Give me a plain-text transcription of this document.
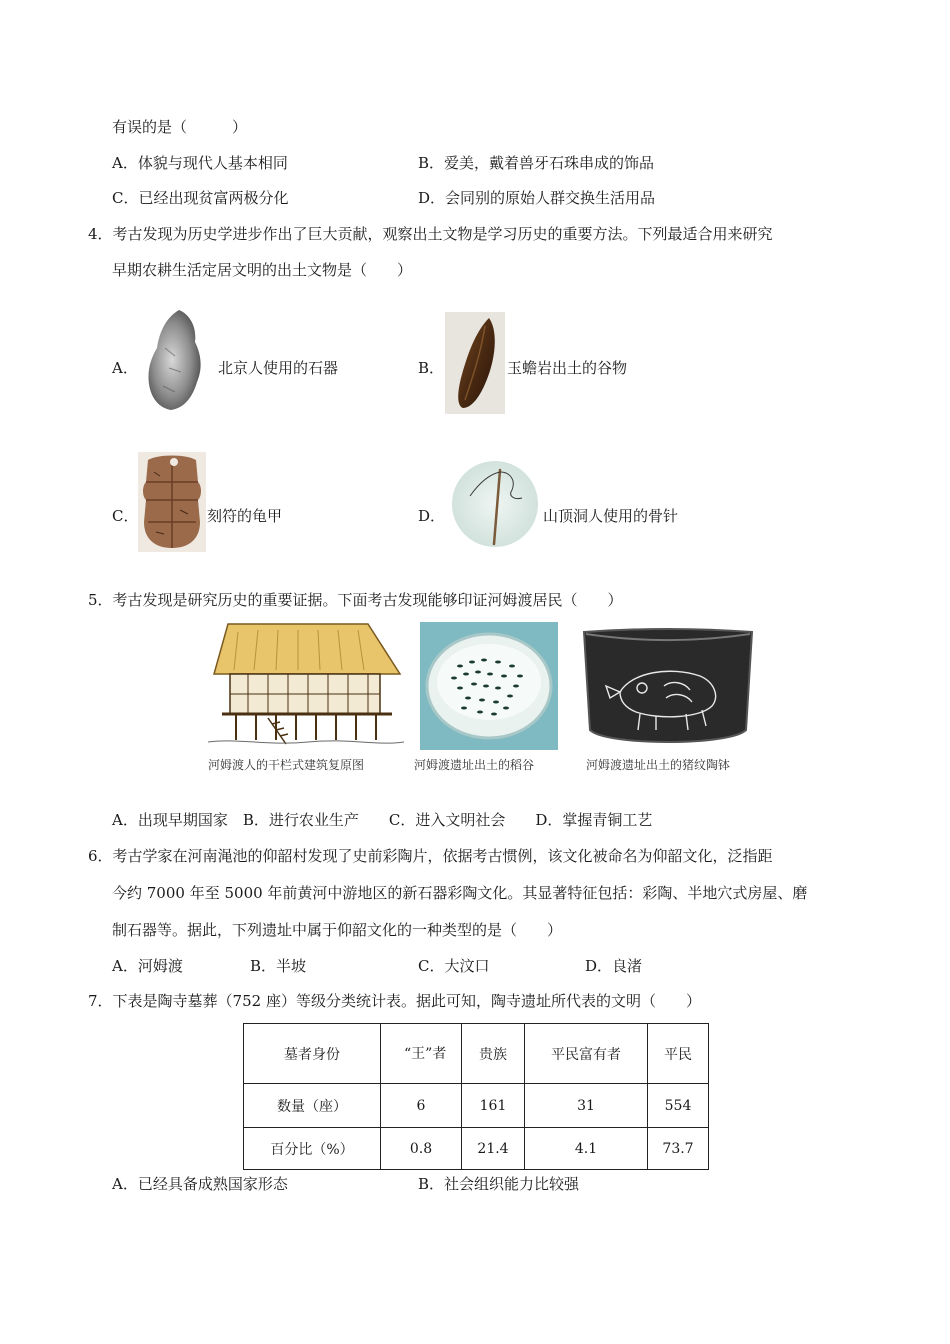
有误的是（　　　）
A．体貌与现代人基本相同	B．爱美，戴着兽牙石珠串成的饰品
C．已经出现贫富两极分化	D．会同别的原始人群交换生活用品
4．考古发现为历史学进步作出了巨大贡献，观察出土文物是学习历史的重要方法。下列最适合用来研究
早期农耕生活定居文明的出土文物是（　　）
A．	北京人使用的石器	B．	玉蟾岩出土的谷物
C．	刻符的龟甲	D．	山顶洞人使用的骨针
5．考古发现是研究历史的重要证据。下面考古发现能够印证河姆渡居民（　　）
河姆渡人的干栏式建筑复原图	河姆渡遗址出土的稻谷	河姆渡遗址出土的猪纹陶钵
A．出现早期国家　B．进行农业生产　　C．进入文明社会　　D．掌握青铜工艺
6．考古学家在河南渑池的仰韶村发现了史前彩陶片，依据考古惯例，该文化被命名为仰韶文化，泛指距
今约 7000 年至 5000 年前黄河中游地区的新石器彩陶文化。其显著特征包括：彩陶、半地穴式房屋、磨
制石器等。据此，下列遗址中属于仰韶文化的一种类型的是（　　）
A．河姆渡	B．半坡	C．大汶口	D．良渚
7．下表是陶寺墓葬（752 座）等级分类统计表。据此可知，陶寺遗址所代表的文明（　　）
墓者身份	“王”者	贵族	平民富有者	平民
数量（座）	6	161	31	554
百分比（%）	0.8	21.4	4.1	73.7
A．已经具备成熟国家形态	B．社会组织能力比较强
